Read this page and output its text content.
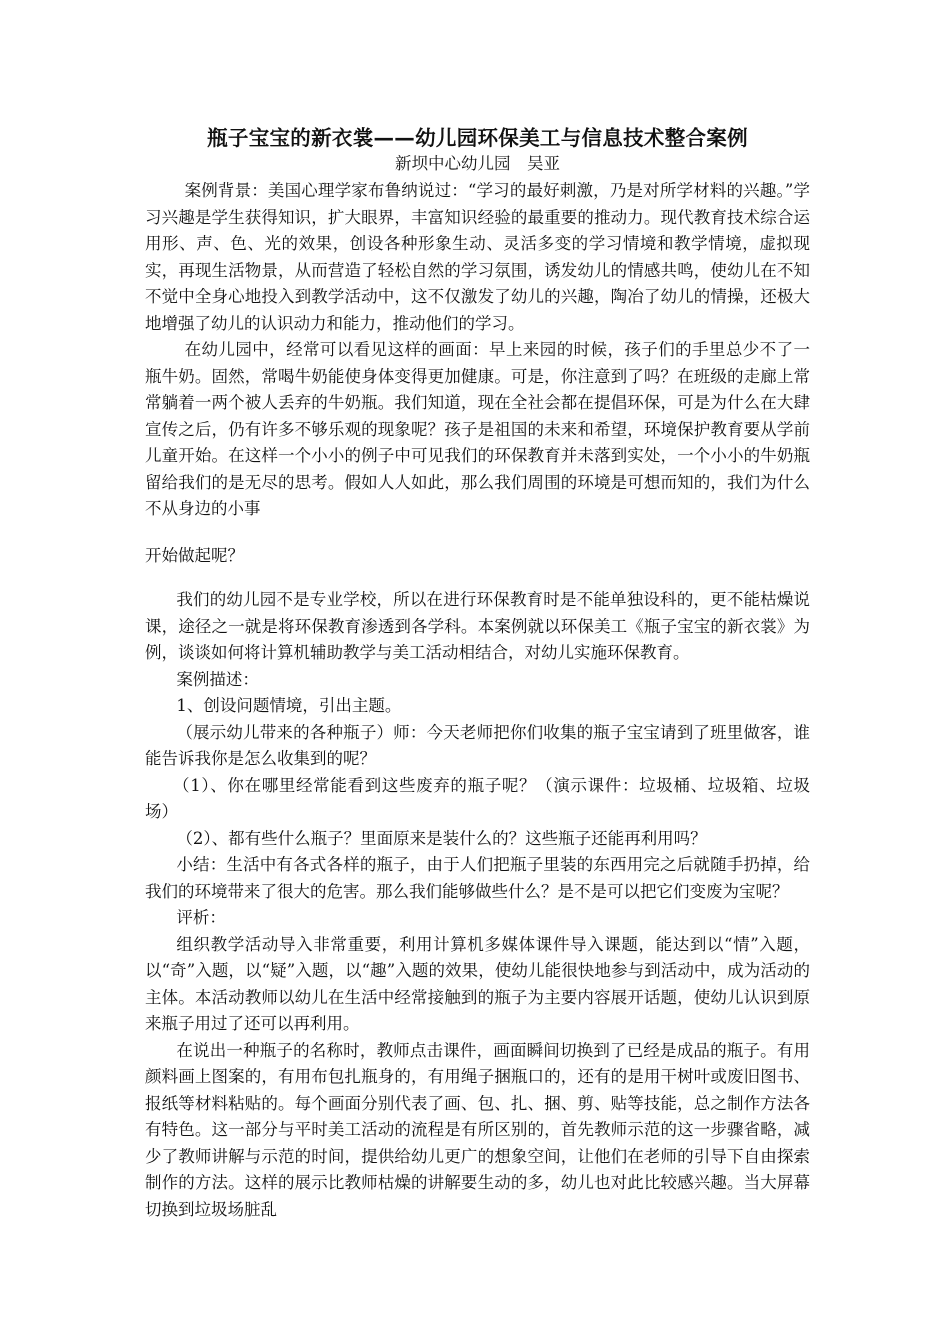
瓶子宝宝的新衣裳——幼儿园环保美工与信息技术整合案例
新坝中心幼儿园　吴亚

案例背景：美国心理学家布鲁纳说过：“学习的最好刺激，乃是对所学材料的兴趣。”学习兴趣是学生获得知识，扩大眼界，丰富知识经验的最重要的推动力。现代教育技术综合运用形、声、色、光的效果，创设各种形象生动、灵活多变的学习情境和教学情境，虚拟现实，再现生活物景，从而营造了轻松自然的学习氛围，诱发幼儿的情感共鸣，使幼儿在不知不觉中全身心地投入到教学活动中，这不仅激发了幼儿的兴趣，陶冶了幼儿的情操，还极大地增强了幼儿的认识动力和能力，推动他们的学习。

在幼儿园中，经常可以看见这样的画面：早上来园的时候，孩子们的手里总少不了一瓶牛奶。固然，常喝牛奶能使身体变得更加健康。可是，你注意到了吗？在班级的走廊上常常躺着一两个被人丢弃的牛奶瓶。我们知道，现在全社会都在提倡环保，可是为什么在大肆宣传之后，仍有许多不够乐观的现象呢？孩子是祖国的未来和希望，环境保护教育要从学前儿童开始。在这样一个小小的例子中可见我们的环保教育并未落到实处，一个小小的牛奶瓶留给我们的是无尽的思考。假如人人如此，那么我们周围的环境是可想而知的，我们为什么不从身边的小事

开始做起呢？

我们的幼儿园不是专业学校，所以在进行环保教育时是不能单独设科的，更不能枯燥说课，途径之一就是将环保教育渗透到各学科。本案例就以环保美工《瓶子宝宝的新衣裳》为例，谈谈如何将计算机辅助教学与美工活动相结合，对幼儿实施环保教育。

案例描述：

1、创设问题情境，引出主题。

（展示幼儿带来的各种瓶子）师：今天老师把你们收集的瓶子宝宝请到了班里做客，谁能告诉我你是怎么收集到的呢？

（1）、你在哪里经常能看到这些废弃的瓶子呢？（演示课件：垃圾桶、垃圾箱、垃圾场）

（2）、都有些什么瓶子？里面原来是装什么的？这些瓶子还能再利用吗？

小结：生活中有各式各样的瓶子，由于人们把瓶子里装的东西用完之后就随手扔掉，给我们的环境带来了很大的危害。那么我们能够做些什么？是不是可以把它们变废为宝呢？

评析：

组织教学活动导入非常重要，利用计算机多媒体课件导入课题，能达到以“情”入题，以“奇”入题，以“疑”入题，以“趣”入题的效果，使幼儿能很快地参与到活动中，成为活动的主体。本活动教师以幼儿在生活中经常接触到的瓶子为主要内容展开话题，使幼儿认识到原来瓶子用过了还可以再利用。

在说出一种瓶子的名称时，教师点击课件，画面瞬间切换到了已经是成品的瓶子。有用颜料画上图案的，有用布包扎瓶身的，有用绳子捆瓶口的，还有的是用干树叶或废旧图书、报纸等材料粘贴的。每个画面分别代表了画、包、扎、捆、剪、贴等技能，总之制作方法各有特色。这一部分与平时美工活动的流程是有所区别的，首先教师示范的这一步骤省略，减少了教师讲解与示范的时间，提供给幼儿更广的想象空间，让他们在老师的引导下自由探索制作的方法。这样的展示比教师枯燥的讲解要生动的多，幼儿也对此比较感兴趣。当大屏幕切换到垃圾场脏乱
